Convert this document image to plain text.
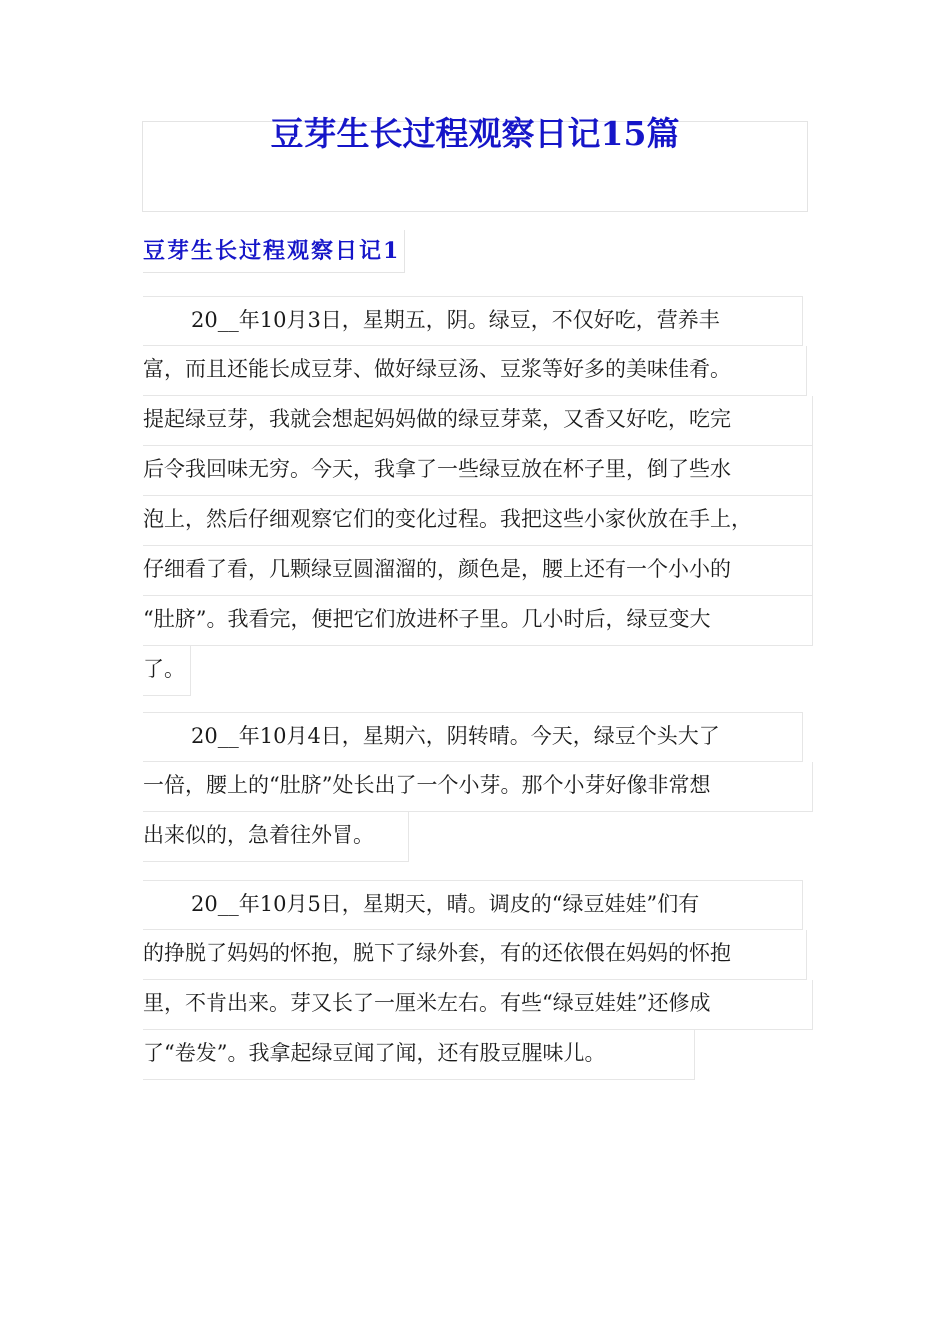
豆芽生长过程观察日记15篇
豆芽生长过程观察日记1
20__年10月3日，星期五，阴。绿豆，不仅好吃，营养丰
富，而且还能长成豆芽、做好绿豆汤、豆浆等好多的美味佳肴。
提起绿豆芽，我就会想起妈妈做的绿豆芽菜，又香又好吃，吃完
后令我回味无穷。今天，我拿了一些绿豆放在杯子里，倒了些水
泡上，然后仔细观察它们的变化过程。我把这些小家伙放在手上，
仔细看了看，几颗绿豆圆溜溜的，颜色是，腰上还有一个小小的
“肚脐”。我看完，便把它们放进杯子里。几小时后，绿豆变大
了。
20__年10月4日，星期六，阴转晴。今天，绿豆个头大了
一倍，腰上的“肚脐”处长出了一个小芽。那个小芽好像非常想
出来似的，急着往外冒。
20__年10月5日，星期天，晴。调皮的“绿豆娃娃”们有
的挣脱了妈妈的怀抱，脱下了绿外套，有的还依偎在妈妈的怀抱
里，不肯出来。芽又长了一厘米左右。有些“绿豆娃娃”还修成
了“卷发”。我拿起绿豆闻了闻，还有股豆腥味儿。
